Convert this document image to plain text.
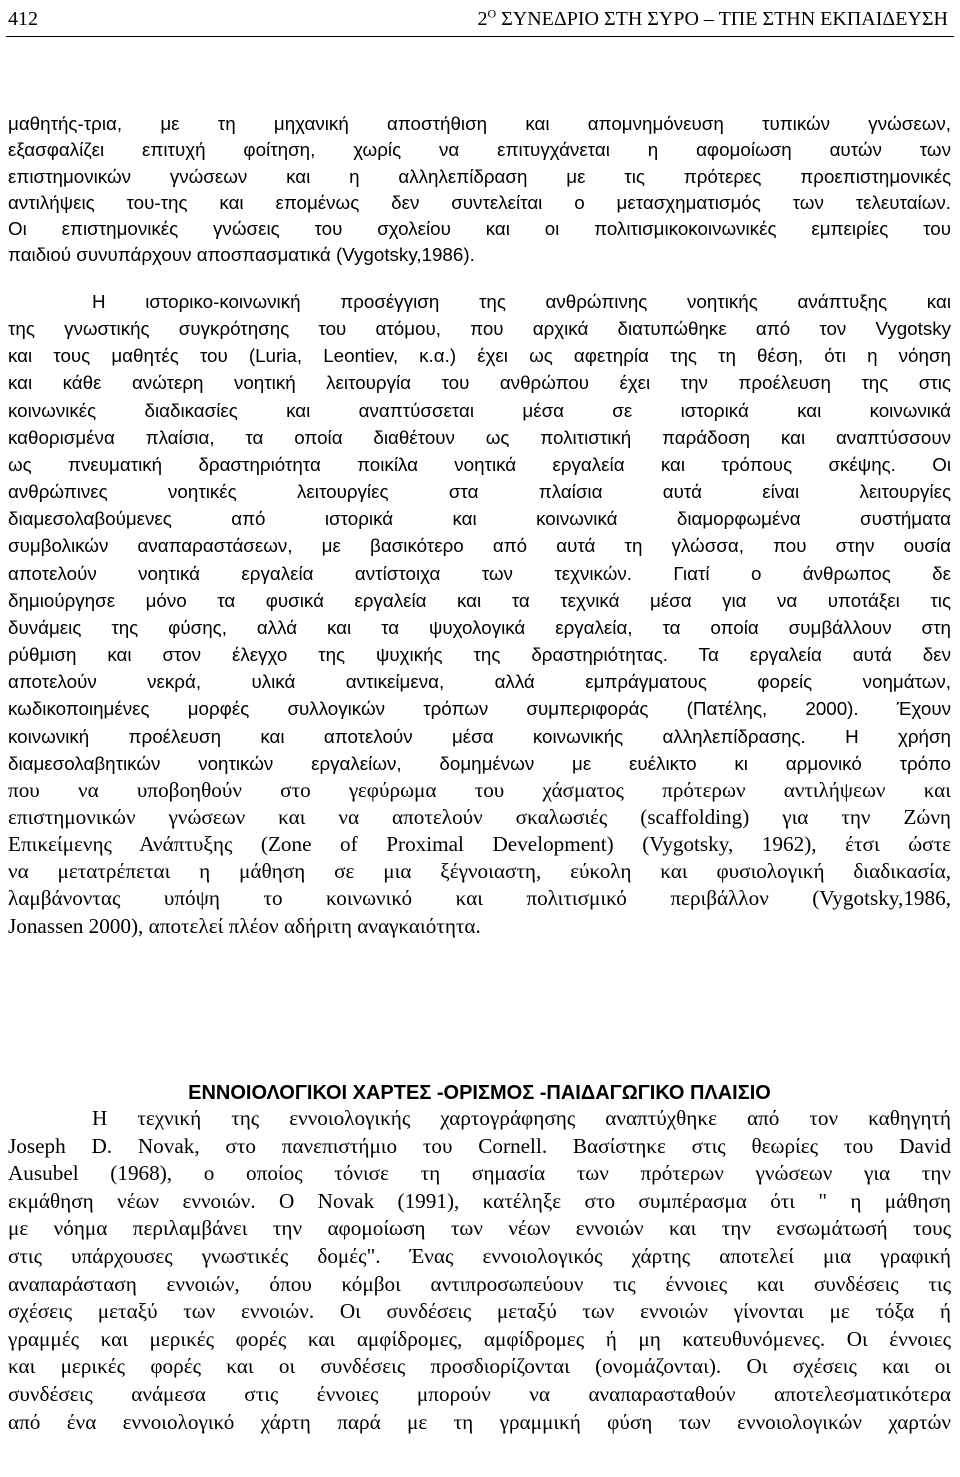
412	$2^O$ ΣΥΝΕΔΡΙΟ ΣΤΗ ΣΥΡΟ – ΤΠΕ ΣΤΗΝ ΕΚΠΑΙΔΕΥΣΗ
μαθητής-τρια, με τη μηχανική αποστήθιση και απομνημόνευση τυπικών γνώσεων,
εξασφαλίζει επιτυχή φοίτηση, χωρίς να επιτυγχάνεται η αφομοίωση αυτών των
επιστημονικών γνώσεων και η αλληλεπίδραση με τις πρότερες προεπιστημονικές
αντιλήψεις του-της και επομένως δεν συντελείται ο μετασχηματισμός των τελευταίων.
Οι επιστημονικές γνώσεις του σχολείου και οι πολιτισμικοκοινωνικές εμπειρίες του
παιδιού συνυπάρχουν αποσπασματικά (Vygotsky,1986).
Η ιστορικο-κοινωνική προσέγγιση της ανθρώπινης νοητικής ανάπτυξης και
της γνωστικής συγκρότησης του ατόμου, που αρχικά διατυπώθηκε από τον Vygotsky
και τους μαθητές του (Luria, Leontiev, κ.α.) έχει ως αφετηρία της τη θέση, ότι η νόηση
και κάθε ανώτερη νοητική λειτουργία του ανθρώπου έχει την προέλευση της στις
κοινωνικές διαδικασίες και αναπτύσσεται μέσα σε ιστορικά και κοινωνικά
καθορισμένα πλαίσια, τα οποία διαθέτουν ως πολιτιστική παράδοση και αναπτύσσουν
ως πνευματική δραστηριότητα ποικίλα νοητικά εργαλεία και τρόπους σκέψης. Οι
ανθρώπινες νοητικές λειτουργίες στα πλαίσια αυτά είναι λειτουργίες
διαμεσολαβούμενες από ιστορικά και κοινωνικά διαμορφωμένα συστήματα
συμβολικών αναπαραστάσεων, με βασικότερο από αυτά τη γλώσσα, που στην ουσία
αποτελούν νοητικά εργαλεία αντίστοιχα των τεχνικών. Γιατί ο άνθρωπος δε
δημιούργησε μόνο τα φυσικά εργαλεία και τα τεχνικά μέσα για να υποτάξει τις
δυνάμεις της φύσης, αλλά και τα ψυχολογικά εργαλεία, τα οποία συμβάλλουν στη
ρύθμιση και στον έλεγχο της ψυχικής της δραστηριότητας. Τα εργαλεία αυτά δεν
αποτελούν νεκρά, υλικά αντικείμενα, αλλά εμπράγματους φορείς νοημάτων,
κωδικοποιημένες μορφές συλλογικών τρόπων συμπεριφοράς (Πατέλης, 2000). Έχουν
κοινωνική προέλευση και αποτελούν μέσα κοινωνικής αλληλεπίδρασης. Η χρήση
διαμεσολαβητικών νοητικών εργαλείων, δομημένων με ευέλικτο κι αρμονικό τρόπο
που να υποβοηθούν στο γεφύρωμα του χάσματος πρότερων αντιλήψεων και
επιστημονικών γνώσεων και να αποτελούν σκαλωσιές (scaffolding) για την Ζώνη
Επικείμενης Ανάπτυξης (Zone of Proximal Development) (Vygotsky, 1962), έτσι ώστε
να μετατρέπεται η μάθηση σε μια ξέγνοιαστη, εύκολη και φυσιολογική διαδικασία,
λαμβάνοντας υπόψη το κοινωνικό και πολιτισμικό περιβάλλον (Vygotsky,1986,
Jonassen 2000), αποτελεί πλέον αδήριτη αναγκαιότητα.
ΕΝΝΟΙΟΛΟΓΙΚΟΙ ΧΑΡΤΕΣ -ΟΡΙΣΜΟΣ -ΠΑΙΔΑΓΩΓΙΚΟ ΠΛΑΙΣΙΟ
Η τεχνική της εννοιολογικής χαρτογράφησης αναπτύχθηκε από τον καθηγητή
Joseph D. Novak, στο πανεπιστήμιο του Cornell. Βασίστηκε στις θεωρίες του David
Ausubel (1968), ο οποίος τόνισε τη σημασία των πρότερων γνώσεων για την
εκμάθηση νέων εννοιών. Ο Novak (1991), κατέληξε στο συμπέρασμα ότι " η μάθηση
με νόημα περιλαμβάνει την αφομοίωση των νέων εννοιών και την ενσωμάτωσή τους
στις υπάρχουσες γνωστικές δομές". Ένας εννοιολογικός χάρτης αποτελεί μια γραφική
αναπαράσταση εννοιών, όπου κόμβοι αντιπροσωπεύουν τις έννοιες και συνδέσεις τις
σχέσεις μεταξύ των εννοιών. Οι συνδέσεις μεταξύ των εννοιών γίνονται με τόξα ή
γραμμές και μερικές φορές και αμφίδρομες, αμφίδρομες ή μη κατευθυνόμενες. Οι έννοιες
και μερικές φορές και οι συνδέσεις προσδιορίζονται (ονομάζονται). Οι σχέσεις και οι
συνδέσεις ανάμεσα στις έννοιες μπορούν να αναπαρασταθούν αποτελεσματικότερα
από ένα εννοιολογικό χάρτη παρά με τη γραμμική φύση των εννοιολογικών χαρτών
